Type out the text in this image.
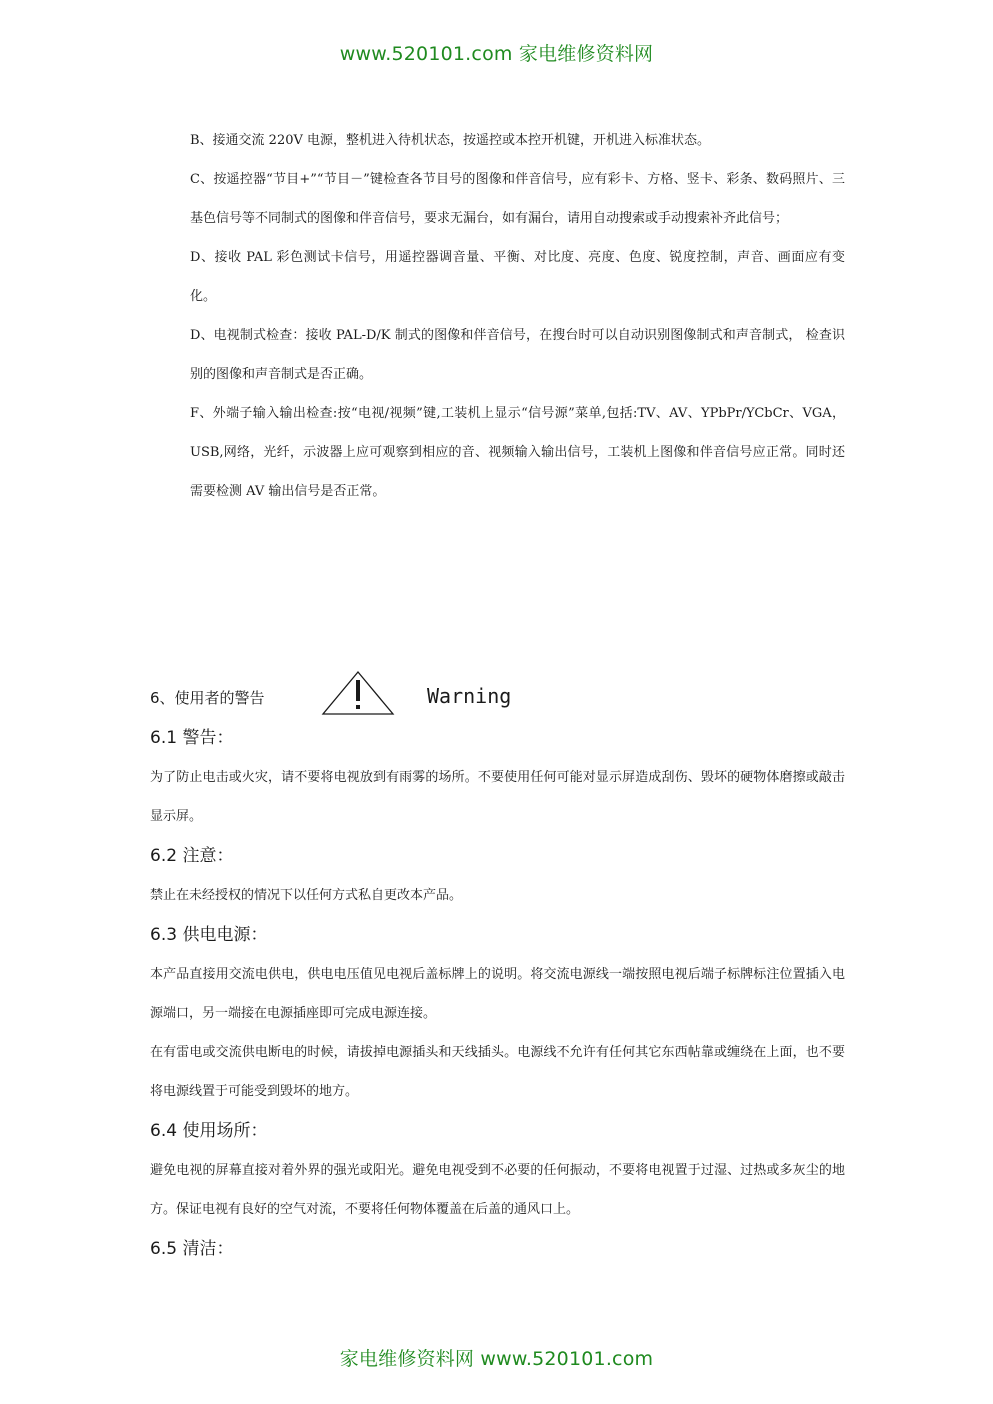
www.520101.com 家电维修资料网

B、接通交流 220V 电源，整机进入待机状态，按遥控或本控开机键，开机进入标准状态。

C、按遥控器“节目+”“节目－”键检查各节目号的图像和伴音信号，应有彩卡、方格、竖卡、彩条、数码照片、三基色信号等不同制式的图像和伴音信号，要求无漏台，如有漏台，请用自动搜索或手动搜索补齐此信号；

D、接收 PAL 彩色测试卡信号，用遥控器调音量、平衡、对比度、亮度、色度、锐度控制，声音、画面应有变化。

D、电视制式检查：接收 PAL-D/K 制式的图像和伴音信号，在搜台时可以自动识别图像制式和声音制式， 检查识别的图像和声音制式是否正确。

F、外端子输入输出检查:按“电视/视频”键,工装机上显示“信号源”菜单,包括:TV、AV、YPbPr/YCbCr、VGA，USB,网络，光纤，示波器上应可观察到相应的音、视频输入输出信号，工装机上图像和伴音信号应正常。同时还需要检测 AV 输出信号是否正常。

6、使用者的警告	Warning
6.1 警告：

为了防止电击或火灾，请不要将电视放到有雨雾的场所。不要使用任何可能对显示屏造成刮伤、毁坏的硬物体磨擦或敲击显示屏。

6.2 注意：

禁止在未经授权的情况下以任何方式私自更改本产品。

6.3 供电电源：

本产品直接用交流电供电，供电电压值见电视后盖标牌上的说明。将交流电源线一端按照电视后端子标牌标注位置插入电源端口，另一端接在电源插座即可完成电源连接。

在有雷电或交流供电断电的时候，请拔掉电源插头和天线插头。电源线不允许有任何其它东西帖靠或缠绕在上面，也不要将电源线置于可能受到毁坏的地方。

6.4 使用场所：

避免电视的屏幕直接对着外界的强光或阳光。避免电视受到不必要的任何振动，不要将电视置于过湿、过热或多灰尘的地方。保证电视有良好的空气对流，不要将任何物体覆盖在后盖的通风口上。

6.5 清洁：
家电维修资料网 www.520101.com
